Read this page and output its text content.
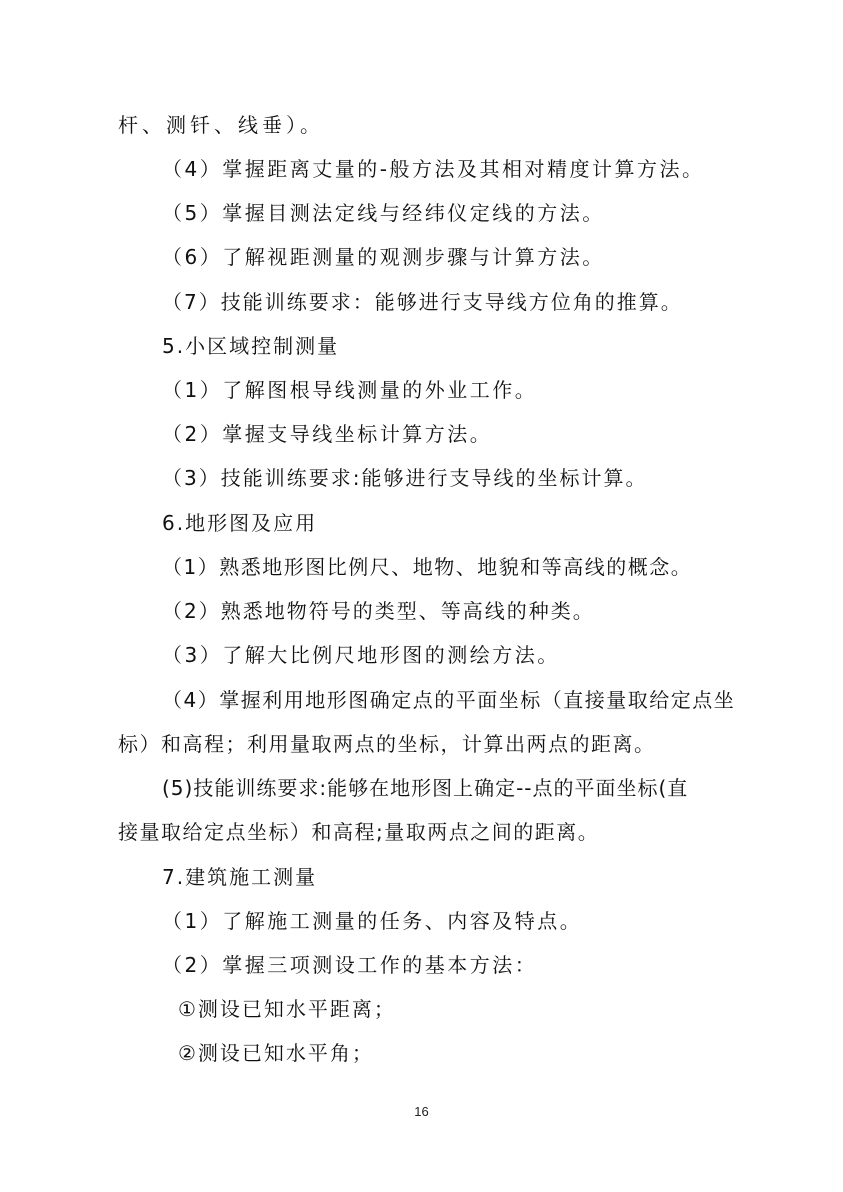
杆、测钎、线垂）。
（4）掌握距离丈量的-般方法及其相对精度计算方法。
（5）掌握目测法定线与经纬仪定线的方法。
（6）了解视距测量的观测步骤与计算方法。
（7）技能训练要求：能够进行支导线方位角的推算。
5.小区域控制测量
（1）了解图根导线测量的外业工作。
（2）掌握支导线坐标计算方法。
（3）技能训练要求:能够进行支导线的坐标计算。
6.地形图及应用
（1）熟悉地形图比例尺、地物、地貌和等高线的概念。
（2）熟悉地物符号的类型、等高线的种类。
（3）了解大比例尺地形图的测绘方法。
（4）掌握利用地形图确定点的平面坐标（直接量取给定点坐
标）和高程；利用量取两点的坐标，计算出两点的距离。
(5)技能训练要求:能够在地形图上确定--点的平面坐标(直
接量取给定点坐标）和高程;量取两点之间的距离。
7.建筑施工测量
（1）了解施工测量的任务、内容及特点。
（2）掌握三项测设工作的基本方法：
①测设已知水平距离；
②测设已知水平角；
16
